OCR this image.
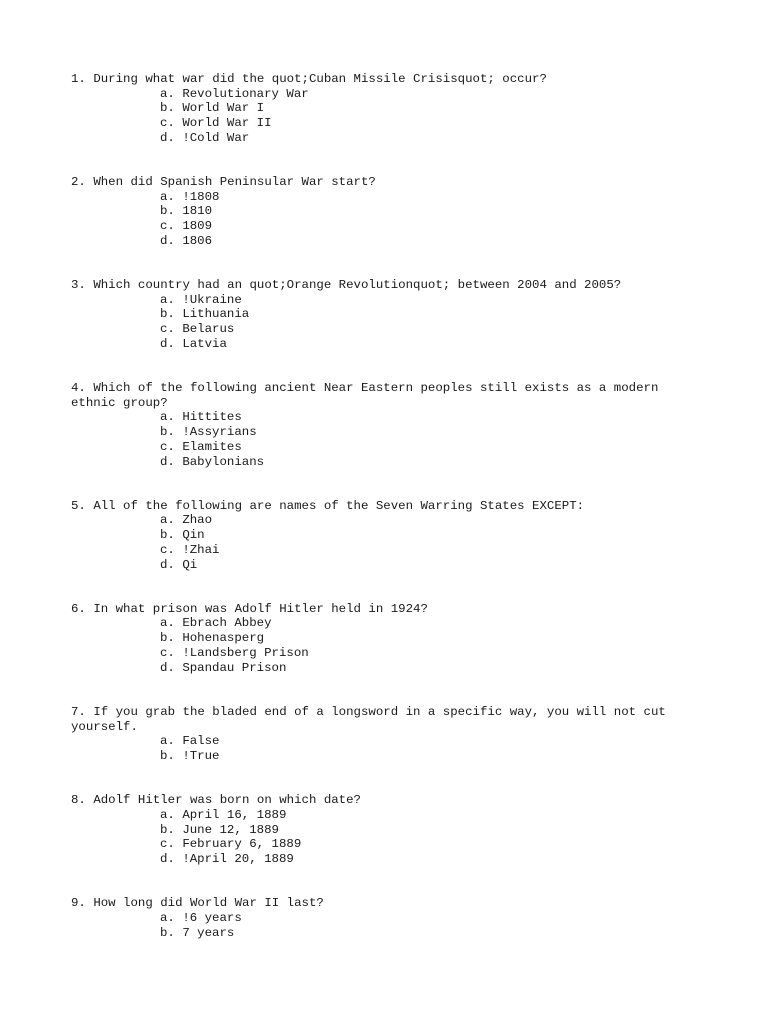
1. During what war did the quot;Cuban Missile Crisisquot; occur?
a. Revolutionary War
b. World War I
c. World War II
d. !Cold War
2. When did Spanish Peninsular War start?
a. !1808
b. 1810
c. 1809
d. 1806
3. Which country had an quot;Orange Revolutionquot; between 2004 and 2005?
a. !Ukraine
b. Lithuania
c. Belarus
d. Latvia
4. Which of the following ancient Near Eastern peoples still exists as a modern ethnic group?
a. Hittites
b. !Assyrians
c. Elamites
d. Babylonians
5. All of the following are names of the Seven Warring States EXCEPT:
a. Zhao
b. Qin
c. !Zhai
d. Qi
6. In what prison was Adolf Hitler held in 1924?
a. Ebrach Abbey
b. Hohenasperg
c. !Landsberg Prison
d. Spandau Prison
7. If you grab the bladed end of a longsword in a specific way, you will not cut yourself.
a. False
b. !True
8. Adolf Hitler was born on which date?
a. April 16, 1889
b. June 12, 1889
c. February 6, 1889
d. !April 20, 1889
9. How long did World War II last?
a. !6 years
b. 7 years
